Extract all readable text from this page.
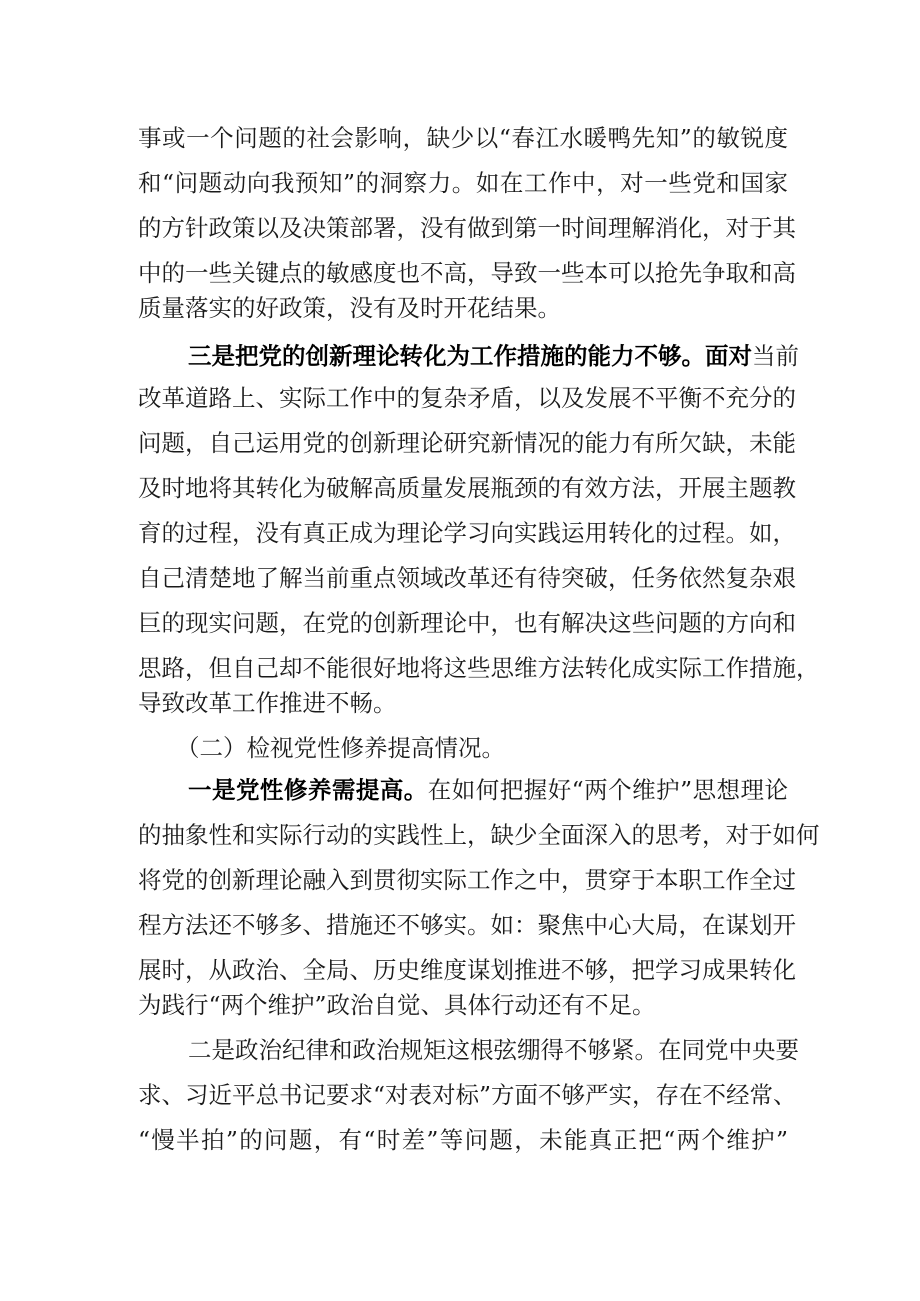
事或一个问题的社会影响，缺少以“春江水暖鸭先知”的敏锐度
和“问题动向我预知”的洞察力。如在工作中，对一些党和国家
的方针政策以及决策部署，没有做到第一时间理解消化，对于其
中的一些关键点的敏感度也不高，导致一些本可以抢先争取和高
质量落实的好政策，没有及时开花结果。
三是把党的创新理论转化为工作措施的能力不够。面对当前
改革道路上、实际工作中的复杂矛盾，以及发展不平衡不充分的
问题，自己运用党的创新理论研究新情况的能力有所欠缺，未能
及时地将其转化为破解高质量发展瓶颈的有效方法，开展主题教
育的过程，没有真正成为理论学习向实践运用转化的过程。如，
自己清楚地了解当前重点领域改革还有待突破，任务依然复杂艰
巨的现实问题，在党的创新理论中，也有解决这些问题的方向和
思路，但自己却不能很好地将这些思维方法转化成实际工作措施，
导致改革工作推进不畅。
（二）检视党性修养提高情况。
一是党性修养需提高。在如何把握好“两个维护”思想理论
的抽象性和实际行动的实践性上，缺少全面深入的思考，对于如何
将党的创新理论融入到贯彻实际工作之中，贯穿于本职工作全过
程方法还不够多、措施还不够实。如：聚焦中心大局，在谋划开
展时，从政治、全局、历史维度谋划推进不够，把学习成果转化
为践行“两个维护”政治自觉、具体行动还有不足。
二是政治纪律和政治规矩这根弦绷得不够紧。在同党中央要
求、习近平总书记要求“对表对标”方面不够严实，存在不经常、
“慢半拍”的问题，有“时差”等问题，未能真正把“两个维护”
